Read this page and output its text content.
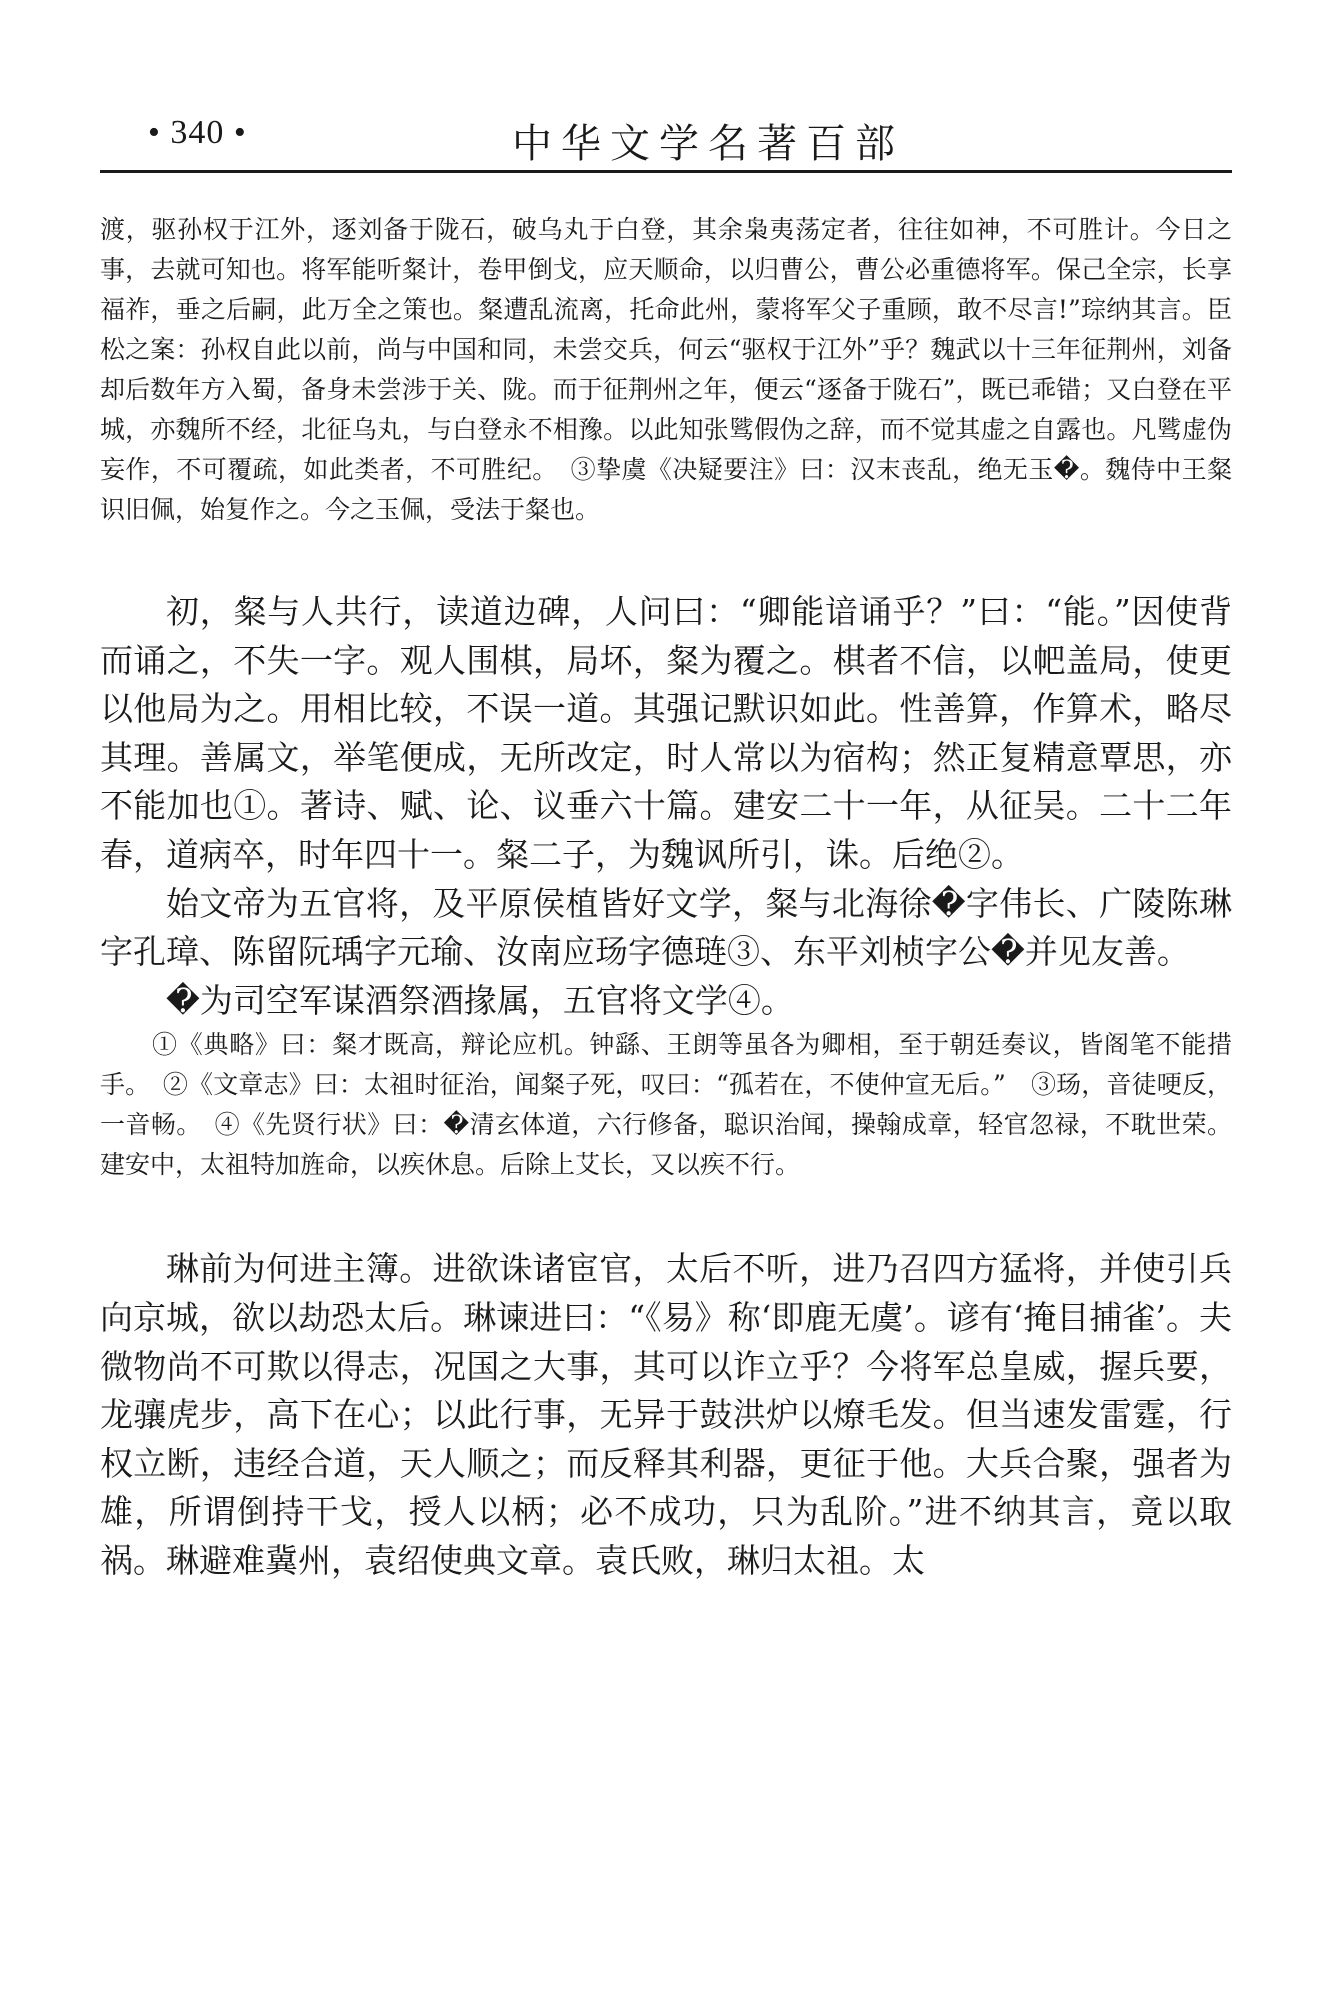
• 340 •	中华文学名著百部

渡，驱孙权于江外，逐刘备于陇石，破乌丸于白登，其余枭夷荡定者，往往如神，不可胜计。今日之事，去就可知也。将军能听粲计，卷甲倒戈，应天顺命，以归曹公，曹公必重德将军。保己全宗，长享福祚，垂之后嗣，此万全之策也。粲遭乱流离，托命此州，蒙将军父子重顾，敢不尽言!”琮纳其言。臣松之案：孙权自此以前，尚与中国和同，未尝交兵，何云“驱权于江外”乎？魏武以十三年征荆州，刘备却后数年方入蜀，备身未尝涉于关、陇。而于征荆州之年，便云“逐备于陇石”，既已乖错；又白登在平城，亦魏所不经，北征乌丸，与白登永不相豫。以此知张骘假伪之辞，而不觉其虚之自露也。凡骘虚伪妄作，不可覆疏，如此类者，不可胜纪。　③挚虞《决疑要注》曰：汉末丧乱，绝无玉�。魏侍中王粲识旧佩，始复作之。今之玉佩，受法于粲也。

初，粲与人共行，读道边碑，人问曰：“卿能谙诵乎？”曰：“能。”因使背而诵之，不失一字。观人围棋，局坏，粲为覆之。棋者不信，以帊盖局，使更以他局为之。用相比较，不误一道。其强记默识如此。性善算，作算术，略尽其理。善属文，举笔便成，无所改定，时人常以为宿构；然正复精意覃思，亦不能加也①。著诗、赋、论、议垂六十篇。建安二十一年，从征吴。二十二年春，道病卒，时年四十一。粲二子，为魏讽所引，诛。后绝②。

始文帝为五官将，及平原侯植皆好文学，粲与北海徐�字伟长、广陵陈琳字孔璋、陈留阮瑀字元瑜、汝南应玚字德琏③、东平刘桢字公�并见友善。

�为司空军谋酒祭酒掾属，五官将文学④。

①《典略》曰：粲才既高，辩论应机。钟繇、王朗等虽各为卿相，至于朝廷奏议，皆阁笔不能措手。　②《文章志》曰：太祖时征治，闻粲子死，叹曰：“孤若在，不使仲宣无后。”　③玚，音徒哽反，一音畅。　④《先贤行状》曰：�清玄体道，六行修备，聪识治闻，操翰成章，轻官忽禄，不耽世荣。建安中，太祖特加旌命，以疾休息。后除上艾长，又以疾不行。

琳前为何进主簿。进欲诛诸宦官，太后不听，进乃召四方猛将，并使引兵向京城，欲以劫恐太后。琳谏进曰：“《易》称‘即鹿无虞’。谚有‘掩目捕雀’。夫微物尚不可欺以得志，况国之大事，其可以诈立乎？今将军总皇威，握兵要，龙骧虎步，高下在心；以此行事，无异于鼓洪炉以燎毛发。但当速发雷霆，行权立断，违经合道，天人顺之；而反释其利器，更征于他。大兵合聚，强者为雄，所谓倒持干戈，授人以柄；必不成功，只为乱阶。”进不纳其言，竟以取祸。琳避难冀州，袁绍使典文章。袁氏败，琳归太祖。太
